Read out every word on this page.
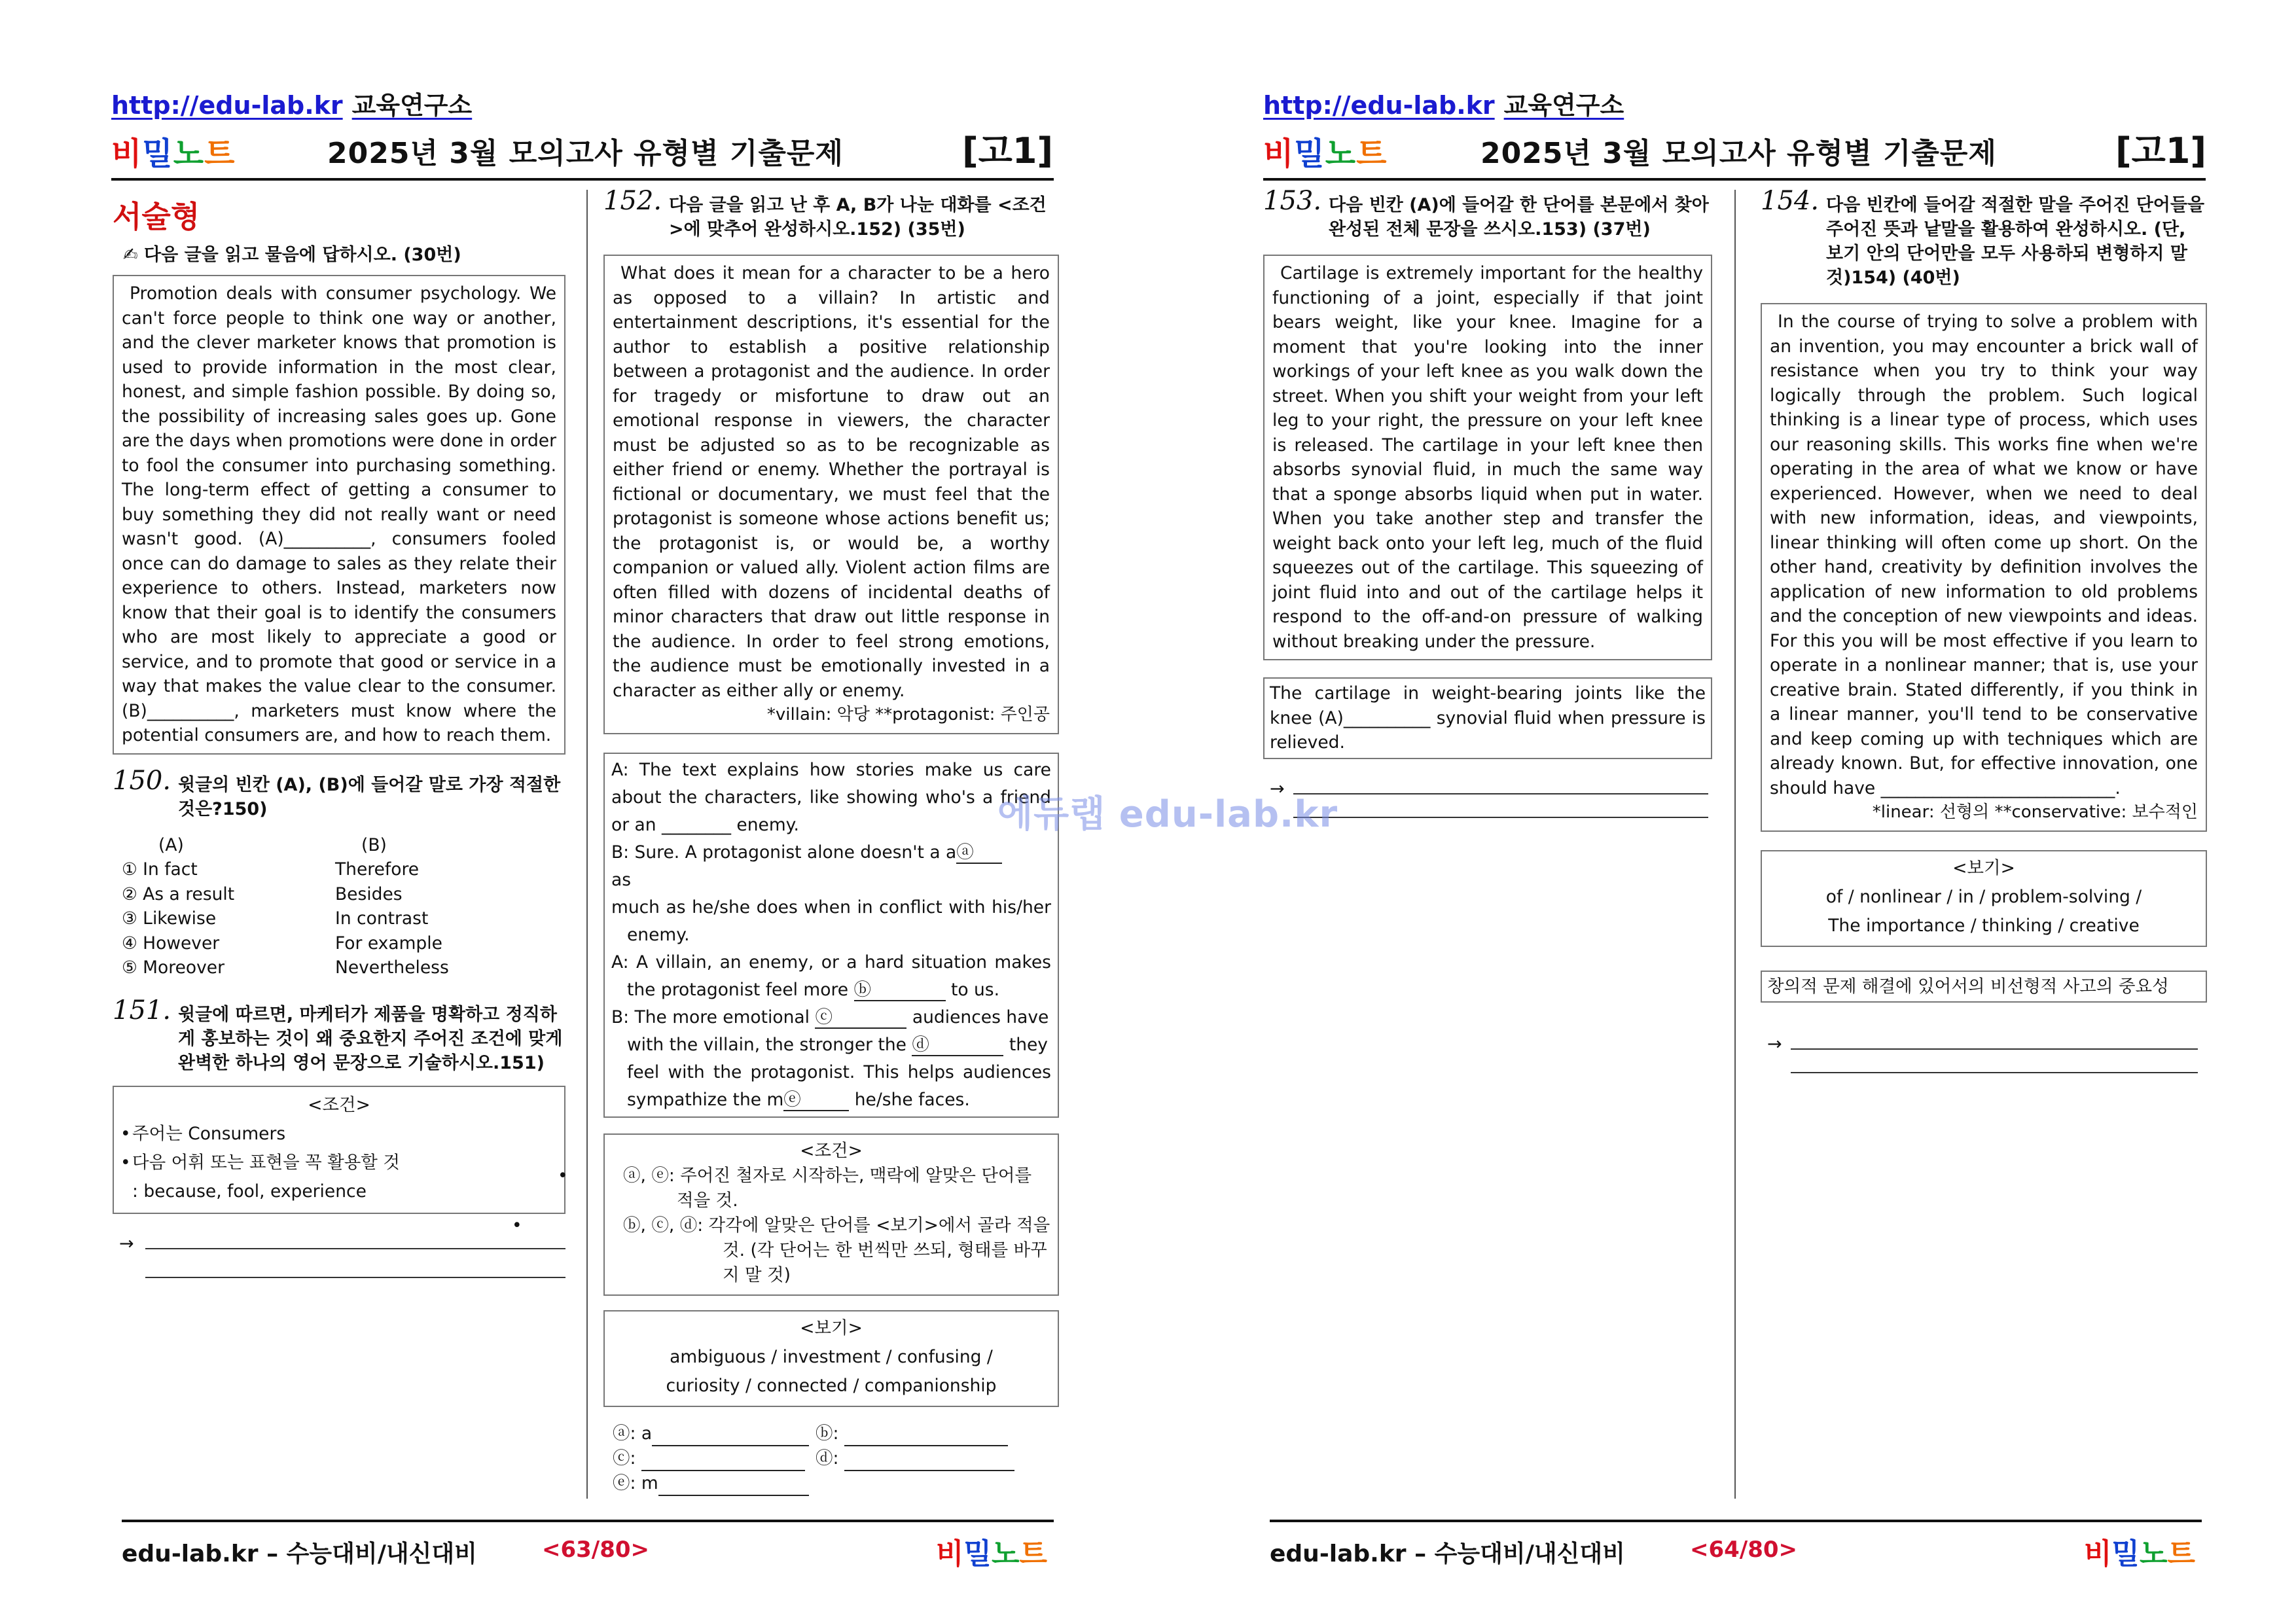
http://edu-lab.kr 교육연구소
비밀노트	2025년 3월 모의고사 유형별 기출문제	[고1]
서술형
✍ 다음 글을 읽고 물음에 답하시오. (30번)

Promotion deals with consumer psychology. We can't force people to think one way or another, and the clever marketer knows that promotion is used to provide information in the most clear, honest, and simple fashion possible. By doing so, the possibility of increasing sales goes up. Gone are the days when promotions were done in order to fool the consumer into purchasing something. The long-term effect of getting a consumer to buy something they did not really want or need wasn't good. (A)__________, consumers fooled once can do damage to sales as they relate their experience to others. Instead, marketers now know that their goal is to identify the consumers who are most likely to appreciate a good or service, and to promote that good or service in a way that makes the value clear to the consumer. (B)__________, marketers must know where the potential consumers are, and how to reach them.

150. 윗글의 빈칸 (A), (B)에 들어갈 말로 가장 적절한 것은?150)
(A)	(B)
① In fact	Therefore
② As a result	Besides
③ Likewise	In contrast
④ However	For example
⑤ Moreover	Nevertheless
151. 윗글에 따르면, 마케터가 제품을 명확하고 정직하게 홍보하는 것이 왜 중요한지 주어진 조건에 맞게 완벽한 하나의 영어 문장으로 기술하시오.151)
<조건>
• 주어는 Consumers
• 다음 어휘 또는 표현을 꼭 활용할 것
: because, fool, experience
→
152. 다음 글을 읽고 난 후 A, B가 나눈 대화를 <조건>에 맞추어 완성하시오.152) (35번)

What does it mean for a character to be a hero as opposed to a villain? In artistic and entertainment descriptions, it's essential for the author to establish a positive relationship between a protagonist and the audience. In order for tragedy or misfortune to draw out an emotional response in viewers, the character must be adjusted so as to be recognizable as either friend or enemy. Whether the portrayal is fictional or documentary, we must feel that the protagonist is someone whose actions benefit us; the protagonist is, or would be, a worthy companion or valued ally. Violent action films are often filled with dozens of incidental deaths of minor characters that draw out little response in the audience. In order to feel strong emotions, the audience must be emotionally invested in a character as either ally or enemy.

*villain: 악당 **protagonist: 주인공
A: The text explains how stories make us care
about the characters, like showing who's a friend
or an ________ enemy.
B: Sure. A protagonist alone doesn't a aⓐ
as
much as he/she does when in conflict with his/her
enemy.
A: A villain, an enemy, or a hard situation makes
the protagonist feel more ⓑ	to us.
B: The more emotional ⓒ	audiences have
with the villain, the stronger the ⓓ	they
feel with the protagonist. This helps audiences
sympathize the mⓔ	he/she faces.
<조건>
• ⓐ, ⓔ: 주어진 철자로 시작하는, 맥락에 알맞은 단어를 적을 것.
• ⓑ, ⓒ, ⓓ: 각각에 알맞은 단어를 <보기>에서 골라 적을 것. (각 단어는 한 번씩만 쓰되, 형태를 바꾸지 말 것)
<보기>
ambiguous / investment / confusing /
curiosity / connected / companionship
ⓐ: a	ⓑ:
ⓒ:	ⓓ:
ⓔ: m
edu-lab.kr – 수능대비/내신대비	<63/80>	비밀노트
http://edu-lab.kr 교육연구소
비밀노트	2025년 3월 모의고사 유형별 기출문제	[고1]
153. 다음 빈칸 (A)에 들어갈 한 단어를 본문에서 찾아 완성된 전체 문장을 쓰시오.153) (37번)

Cartilage is extremely important for the healthy functioning of a joint, especially if that joint bears weight, like your knee. Imagine for a moment that you're looking into the inner workings of your left knee as you walk down the street. When you shift your weight from your left leg to your right, the pressure on your left knee is released. The cartilage in your left knee then absorbs synovial fluid, in much the same way that a sponge absorbs liquid when put in water. When you take another step and transfer the weight back onto your left leg, much of the fluid squeezes out of the cartilage. This squeezing of joint fluid into and out of the cartilage helps it respond to the off-and-on pressure of walking without breaking under the pressure.

The cartilage in weight-bearing joints like the knee (A)__________ synovial fluid when pressure is relieved.
→
154. 다음 빈칸에 들어갈 적절한 말을 주어진 단어들을 주어진 뜻과 낱말을 활용하여 완성하시오. (단, 보기 안의 단어만을 모두 사용하되 변형하지 말 것)154) (40번)

In the course of trying to solve a problem with an invention, you may encounter a brick wall of resistance when you try to think your way logically through the problem. Such logical thinking is a linear type of process, which uses our reasoning skills. This works fine when we're operating in the area of what we know or have experienced. However, when we need to deal with new information, ideas, and viewpoints, linear thinking will often come up short. On the other hand, creativity by definition involves the application of new information to old problems and the conception of new viewpoints and ideas. For this you will be most effective if you learn to operate in a nonlinear manner; that is, use your creative brain. Stated differently, if you think in a linear manner, you'll tend to be conservative and keep coming up with techniques which are already known. But, for effective innovation, one should have ___________________________.

*linear: 선형의 **conservative: 보수적인
<보기>
of / nonlinear / in / problem-solving /
The importance / thinking / creative
창의적 문제 해결에 있어서의 비선형적 사고의 중요성
→
edu-lab.kr – 수능대비/내신대비	<64/80>	비밀노트
에듀랩 edu-lab.kr
